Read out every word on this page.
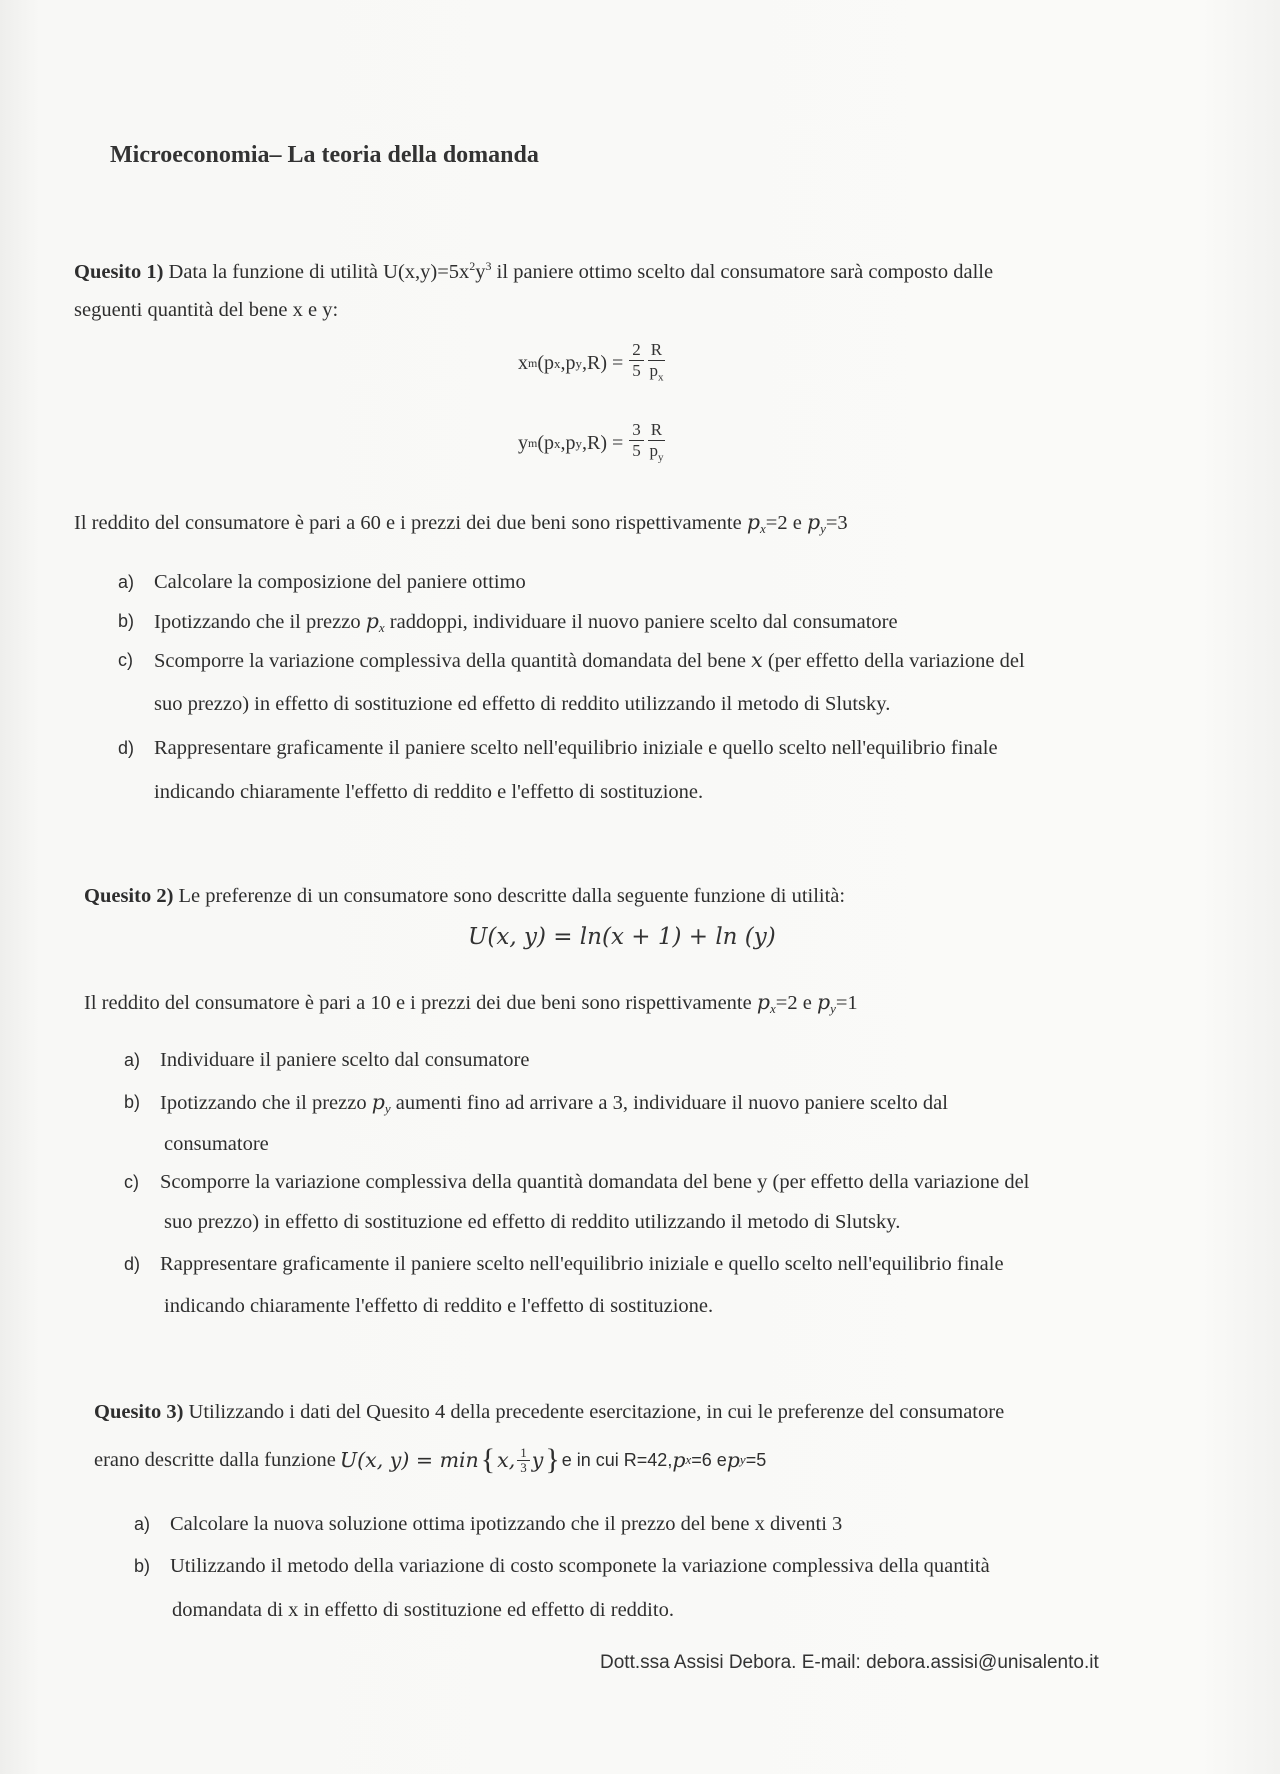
Microeconomia– La teoria della domanda
Quesito 1) Data la funzione di utilità $U(x,y)=5x^2y^3$ il paniere ottimo scelto dal consumatore sarà composto dalle
seguenti quantità del bene x e y:
x m (p x ,p y $,R) = \frac{2}{5} \frac{R}{p_x}$
y m (p x ,p y $,R) = \frac{3}{5} \frac{R}{p_y}$
Il reddito del consumatore è pari a 60 e i prezzi dei due beni sono rispettivamente $p_x=2$ e $p_y=3$
a) Calcolare la composizione del paniere ottimo
b) Ipotizzando che il prezzo $p_x$ raddoppi, individuare il nuovo paniere scelto dal consumatore
c) Scomporre la variazione complessiva della quantità domandata del bene x (per effetto della variazione del
suo prezzo) in effetto di sostituzione ed effetto di reddito utilizzando il metodo di Slutsky.
d) Rappresentare graficamente il paniere scelto nell'equilibrio iniziale e quello scelto nell'equilibrio finale
indicando chiaramente l'effetto di reddito e l'effetto di sostituzione.
Quesito 2) Le preferenze di un consumatore sono descritte dalla seguente funzione di utilità:
U(x, y) = ln(x + 1) + ln (y)
Il reddito del consumatore è pari a 10 e i prezzi dei due beni sono rispettivamente $p_x=2$ e $p_y=1$
a) Individuare il paniere scelto dal consumatore
b) Ipotizzando che il prezzo $p_y$ aumenti fino ad arrivare a 3, individuare il nuovo paniere scelto dal
consumatore
c) Scomporre la variazione complessiva della quantità domandata del bene y (per effetto della variazione del
suo prezzo) in effetto di sostituzione ed effetto di reddito utilizzando il metodo di Slutsky.
d) Rappresentare graficamente il paniere scelto nell'equilibrio iniziale e quello scelto nell'equilibrio finale
indicando chiaramente l'effetto di reddito e l'effetto di sostituzione.
Quesito 3) Utilizzando i dati del Quesito 4 della precedente esercitazione, in cui le preferenze del consumatore
erano descritte dalla funzione U(x, y) = min { x, $\frac{1}{3}$ y } e in cui R=42, p x =6 e p y =5
a) Calcolare la nuova soluzione ottima ipotizzando che il prezzo del bene x diventi 3
b) Utilizzando il metodo della variazione di costo scomponete la variazione complessiva della quantità
domandata di x in effetto di sostituzione ed effetto di reddito.
Dott.ssa Assisi Debora. E-mail: debora.assisi@unisalento.it
